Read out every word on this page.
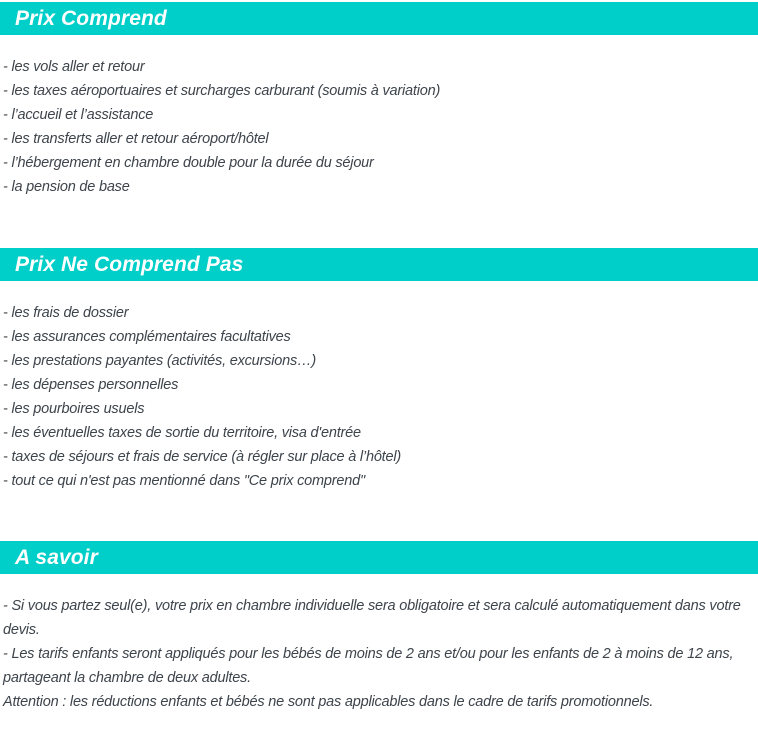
Prix Comprend

- les vols aller et retour

- les taxes aéroportuaires et surcharges carburant (soumis à variation)

- l’accueil et l’assistance

- les transferts aller et retour aéroport/hôtel

- l’hébergement en chambre double pour la durée du séjour

- la pension de base

Prix Ne Comprend Pas

- les frais de dossier

- les assurances complémentaires facultatives

- les prestations payantes (activités, excursions…)

- les dépenses personnelles

- les pourboires usuels

- les éventuelles taxes de sortie du territoire, visa d'entrée

- taxes de séjours et frais de service (à régler sur place à l’hôtel)

- tout ce qui n'est pas mentionné dans "Ce prix comprend"

A savoir

- Si vous partez seul(e), votre prix en chambre individuelle sera obligatoire et sera calculé automatiquement dans votre devis.

- Les tarifs enfants seront appliqués pour les bébés de moins de 2 ans et/ou pour les enfants de 2 à moins de 12 ans, partageant la chambre de deux adultes.

Attention : les réductions enfants et bébés ne sont pas applicables dans le cadre de tarifs promotionnels.
